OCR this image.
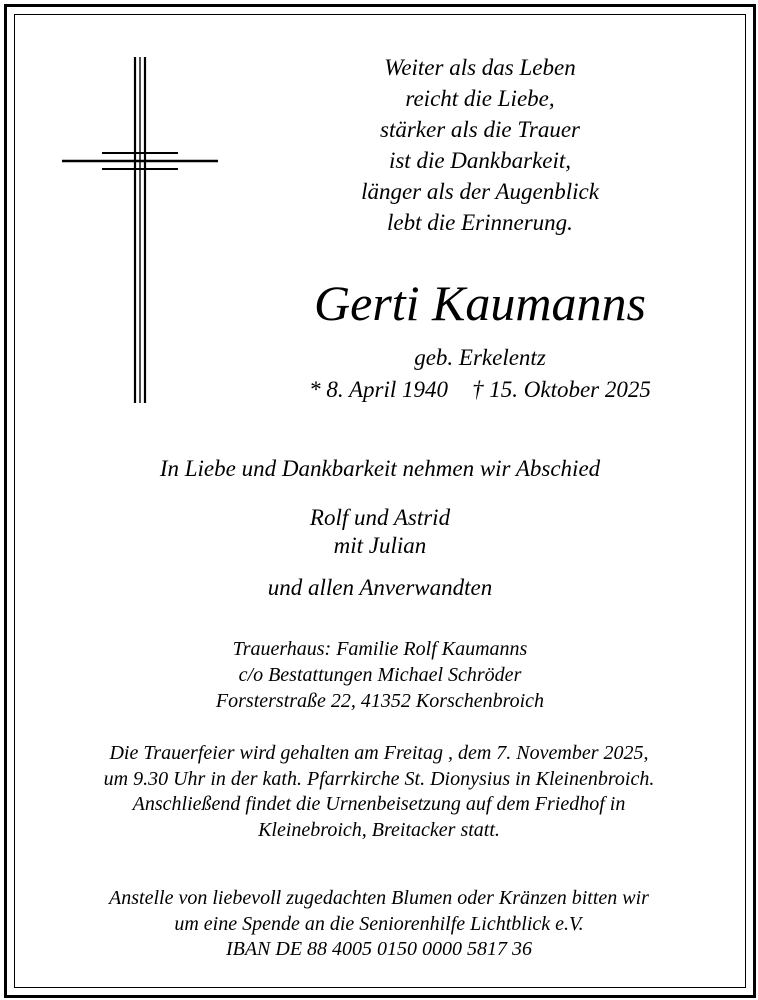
Weiter als das Leben
reicht die Liebe,
stärker als die Trauer
ist die Dankbarkeit,
länger als der Augenblick
lebt die Erinnerung.
Gerti Kaumanns
geb. Erkelentz
* 8. April 1940 † 15. Oktober 2025
In Liebe und Dankbarkeit nehmen wir Abschied
Rolf und Astrid
mit Julian
und allen Anverwandten
Trauerhaus: Familie Rolf Kaumanns
c/o Bestattungen Michael Schröder
Forsterstraße 22, 41352 Korschenbroich
Die Trauerfeier wird gehalten am Freitag , dem 7. November 2025,
um 9.30 Uhr in der kath. Pfarrkirche St. Dionysius in Kleinenbroich.
Anschließend findet die Urnenbeisetzung auf dem Friedhof in
Kleinebroich, Breitacker statt.
Anstelle von liebevoll zugedachten Blumen oder Kränzen bitten wir
um eine Spende an die Seniorenhilfe Lichtblick e.V.
IBAN DE 88 4005 0150 0000 5817 36
